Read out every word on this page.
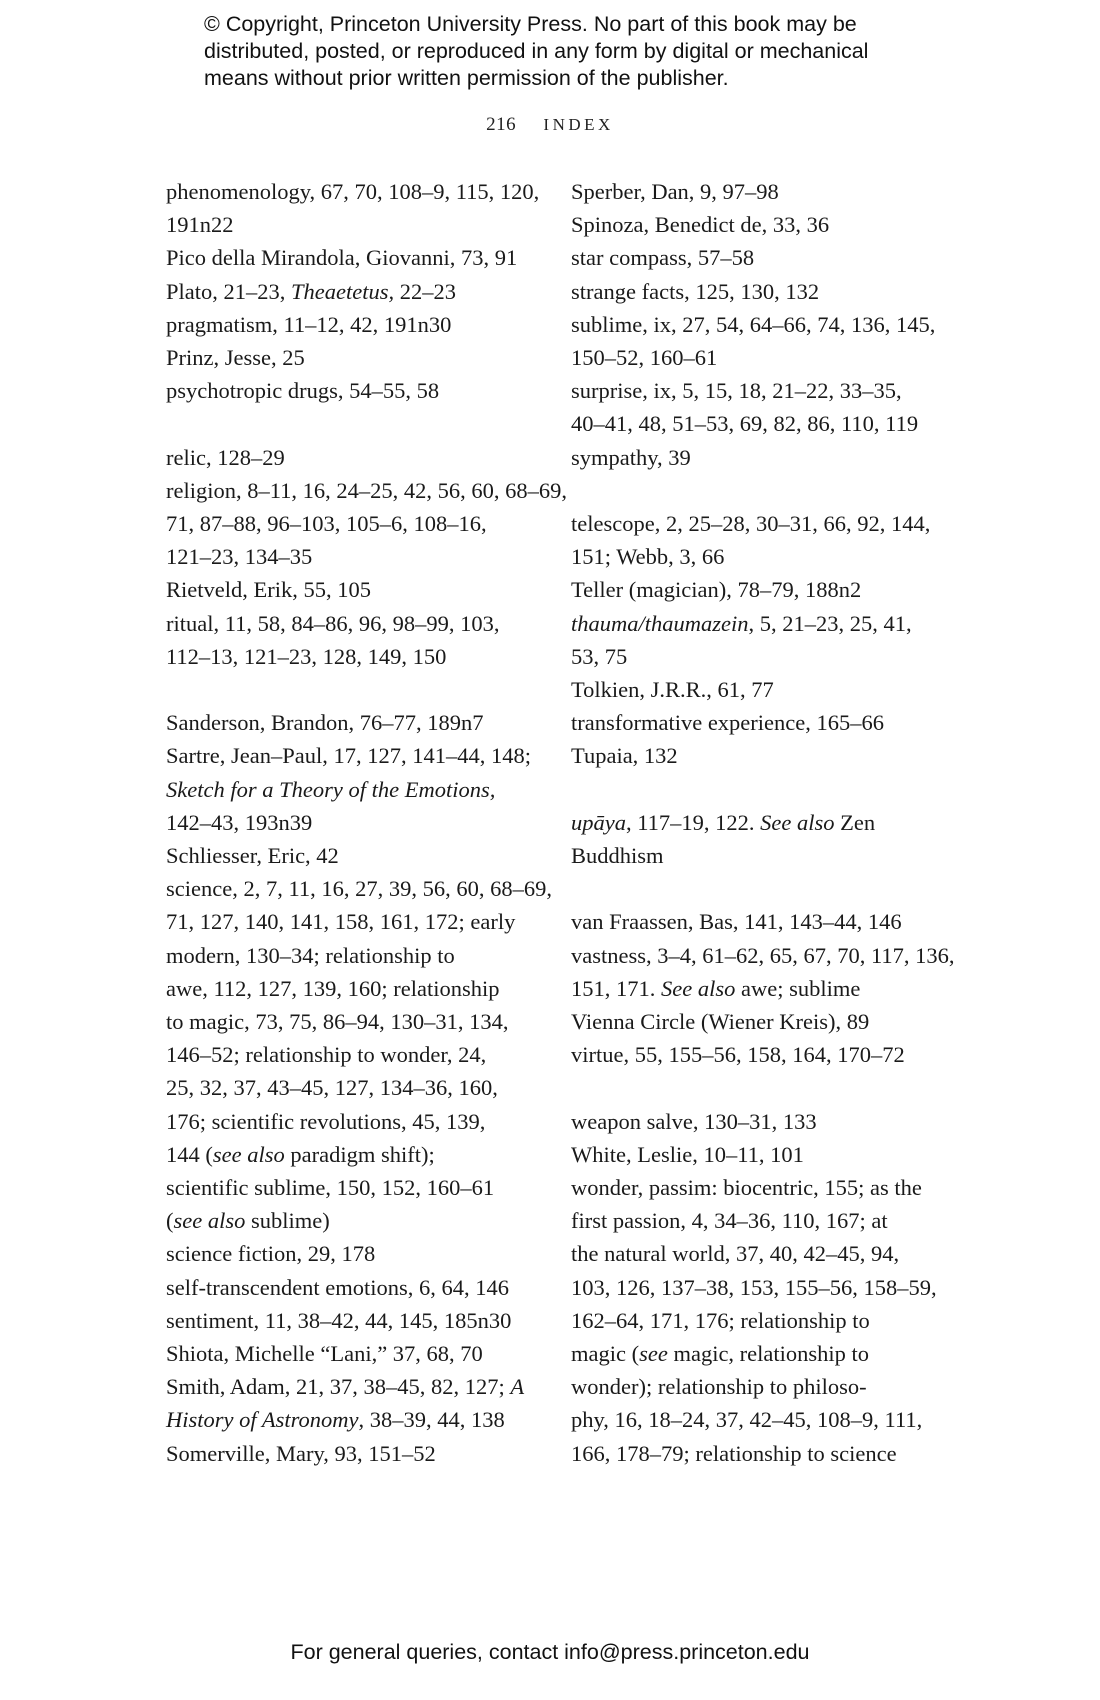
© Copyright, Princeton University Press. No part of this book may be
distributed, posted, or reproduced in any form by digital or mechanical
means without prior written permission of the publisher.
216 INDEX

phenomenology, 67, 70, 108–9, 115, 120,
191n22

Pico della Mirandola, Giovanni, 73, 91

Plato, 21–23, Theaetetus, 22–23

pragmatism, 11–12, 42, 191n30

Prinz, Jesse, 25

psychotropic drugs, 54–55, 58

relic, 128–29

religion, 8–11, 16, 24–25, 42, 56, 60, 68–69,
71, 87–88, 96–103, 105–6, 108–16,
121–23, 134–35

Rietveld, Erik, 55, 105

ritual, 11, 58, 84–86, 96, 98–99, 103,
112–13, 121–23, 128, 149, 150

Sanderson, Brandon, 76–77, 189n7

Sartre, Jean–Paul, 17, 127, 141–44, 148;
Sketch for a Theory of the Emotions,
142–43, 193n39

Schliesser, Eric, 42

science, 2, 7, 11, 16, 27, 39, 56, 60, 68–69,
71, 127, 140, 141, 158, 161, 172; early
modern, 130–34; relationship to
awe, 112, 127, 139, 160; relationship
to magic, 73, 75, 86–94, 130–31, 134,
146–52; relationship to wonder, 24,
25, 32, 37, 43–45, 127, 134–36, 160,
176; scientific revolutions, 45, 139,
144 (see also paradigm shift);
scientific sublime, 150, 152, 160–61
(see also sublime)

science fiction, 29, 178

self-transcendent emotions, 6, 64, 146

sentiment, 11, 38–42, 44, 145, 185n30

Shiota, Michelle “Lani,” 37, 68, 70

Smith, Adam, 21, 37, 38–45, 82, 127; A
History of Astronomy, 38–39, 44, 138

Somerville, Mary, 93, 151–52

Sperber, Dan, 9, 97–98

Spinoza, Benedict de, 33, 36

star compass, 57–58

strange facts, 125, 130, 132

sublime, ix, 27, 54, 64–66, 74, 136, 145,
150–52, 160–61

surprise, ix, 5, 15, 18, 21–22, 33–35,
40–41, 48, 51–53, 69, 82, 86, 110, 119

sympathy, 39

telescope, 2, 25–28, 30–31, 66, 92, 144,
151; Webb, 3, 66

Teller (magician), 78–79, 188n2

thauma/thaumazein, 5, 21–23, 25, 41,
53, 75

Tolkien, J.R.R., 61, 77

transformative experience, 165–66

Tupaia, 132

upāya, 117–19, 122. See also Zen
Buddhism

van Fraassen, Bas, 141, 143–44, 146

vastness, 3–4, 61–62, 65, 67, 70, 117, 136,
151, 171. See also awe; sublime

Vienna Circle (Wiener Kreis), 89

virtue, 55, 155–56, 158, 164, 170–72

weapon salve, 130–31, 133

White, Leslie, 10–11, 101

wonder, passim: biocentric, 155; as the
first passion, 4, 34–36, 110, 167; at
the natural world, 37, 40, 42–45, 94,
103, 126, 137–38, 153, 155–56, 158–59,
162–64, 171, 176; relationship to
magic (see magic, relationship to
wonder); relationship to philoso-
phy, 16, 18–24, 37, 42–45, 108–9, 111,
166, 178–79; relationship to science

For general queries, contact info@press.princeton.edu
